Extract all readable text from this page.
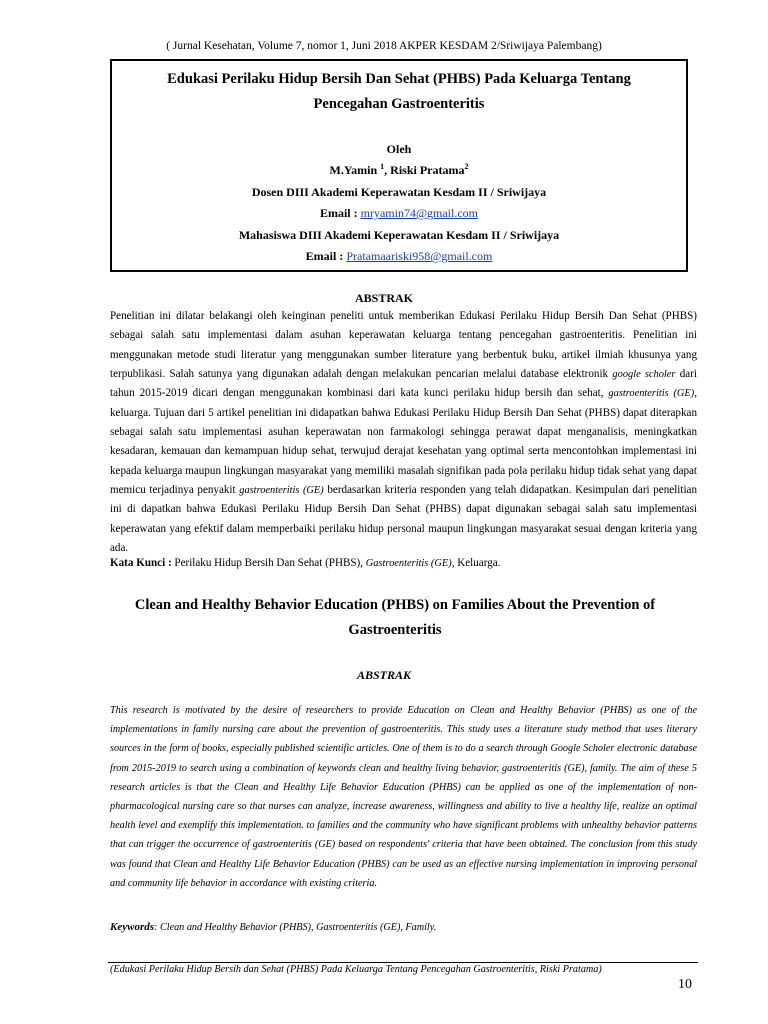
( Jurnal Kesehatan, Volume 7, nomor 1, Juni 2018 AKPER KESDAM 2/Sriwijaya Palembang)
Edukasi Perilaku Hidup Bersih Dan Sehat (PHBS) Pada Keluarga Tentang Pencegahan Gastroenteritis
Oleh
M.Yamin $^1$, Riski Pratama$^2$
Dosen DIII Akademi Keperawatan Kesdam II / Sriwijaya
Email : mryamin74@gmail.com
Mahasiswa DIII Akademi Keperawatan Kesdam II / Sriwijaya
Email : Pratamaariski958@gmail.com
ABSTRAK
Penelitian ini dilatar belakangi oleh keinginan peneliti untuk memberikan Edukasi Perilaku Hidup Bersih Dan Sehat (PHBS) sebagai salah satu implementasi dalam asuhan keperawatan keluarga tentang pencegahan gastroenteritis. Penelitian ini menggunakan metode studi literatur yang menggunakan sumber literature yang berbentuk buku, artikel ilmiah khusunya yang terpublikasi. Salah satunya yang digunakan adalah dengan melakukan pencarian melalui database elektronik google scholer dari tahun 2015-2019 dicari dengan menggunakan kombinasi dari kata kunci perilaku hidup bersih dan sehat, gastroenteritis (GE), keluarga. Tujuan dari 5 artikel penelitian ini didapatkan bahwa Edukasi Perilaku Hidup Bersih Dan Sehat (PHBS) dapat diterapkan sebagai salah satu implementasi asuhan keperawatan non farmakologi sehingga perawat dapat menganalisis, meningkatkan kesadaran, kemauan dan kemampuan hidup sehat, terwujud derajat kesehatan yang optimal serta mencontohkan implementasi ini kepada keluarga maupun lingkungan masyarakat yang memiliki masalah signifikan pada pola perilaku hidup tidak sehat yang dapat memicu terjadinya penyakit gastroenteritis (GE) berdasarkan kriteria responden yang telah didapatkan. Kesimpulan dari penelitian ini di dapatkan bahwa Edukasi Perilaku Hidup Bersih Dan Sehat (PHBS) dapat digunakan sebagai salah satu implementasi keperawatan yang efektif dalam memperbaiki perilaku hidup personal maupun lingkungan masyarakat sesuai dengan kriteria yang ada.
Kata Kunci : Perilaku Hidup Bersih Dan Sehat (PHBS), Gastroenteritis (GE), Keluarga.
Clean and Healthy Behavior Education (PHBS) on Families About the Prevention of Gastroenteritis
ABSTRAK
This research is motivated by the desire of researchers to provide Education on Clean and Healthy Behavior (PHBS) as one of the implementations in family nursing care about the prevention of gastroenteritis. This study uses a literature study method that uses literary sources in the form of books, especially published scientific articles. One of them is to do a search through Google Scholer electronic database from 2015-2019 to search using a combination of keywords clean and healthy living behavior, gastroenteritis (GE), family. The aim of these 5 research articles is that the Clean and Healthy Life Behavior Education (PHBS) can be applied as one of the implementation of non-pharmacological nursing care so that nurses can analyze, increase awareness, willingness and ability to live a healthy life, realize an optimal health level and exemplify this implementation. to families and the community who have significant problems with unhealthy behavior patterns that can trigger the occurrence of gastroenteritis (GE) based on respondents' criteria that have been obtained. The conclusion from this study was found that Clean and Healthy Life Behavior Education (PHBS) can be used as an effective nursing implementation in improving personal and community life behavior in accordance with existing criteria.
Keywords: Clean and Healthy Behavior (PHBS), Gastroenteritis (GE), Family.
(Edukasi Perilaku Hidup Bersih dan Sehat (PHBS) Pada Keluarga Tentang Pencegahan Gastroenteritis, Riski Pratama)
10
